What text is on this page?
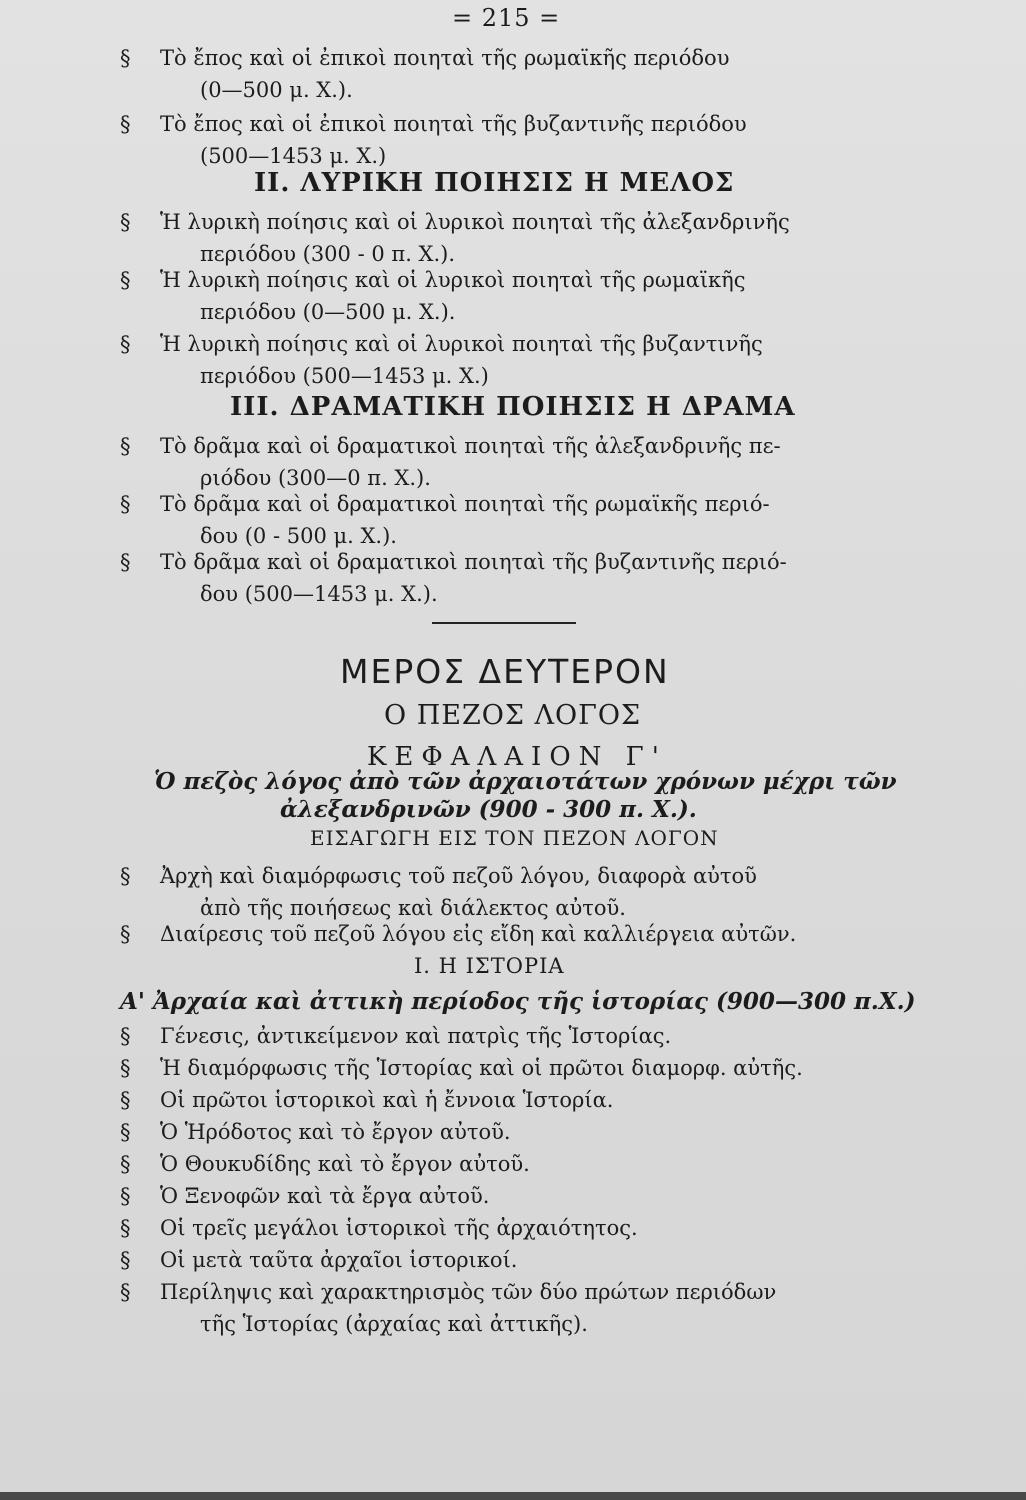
= 215 =
§ Τὸ ἔπος καὶ οἱ ἐπικοὶ ποιηταὶ τῆς ρωμαϊκῆς περιόδου
(0—500 μ. Χ.).
§ Τὸ ἔπος καὶ οἱ ἐπικοὶ ποιηταὶ τῆς βυζαντινῆς περιόδου
(500—1453 μ. Χ.)
ΙΙ. ΛΥΡΙΚΗ ΠΟΙΗΣΙΣ Η ΜΕΛΟΣ
§ Ἡ λυρικὴ ποίησις καὶ οἱ λυρικοὶ ποιηταὶ τῆς ἀλεξανδρινῆς
περιόδου (300 - 0 π. Χ.).
§ Ἡ λυρικὴ ποίησις καὶ οἱ λυρικοὶ ποιηταὶ τῆς ρωμαϊκῆς
περιόδου (0—500 μ. Χ.).
§ Ἡ λυρικὴ ποίησις καὶ οἱ λυρικοὶ ποιηταὶ τῆς βυζαντινῆς
περιόδου (500—1453 μ. Χ.)
ΙΙΙ. ΔΡΑΜΑΤΙΚΗ ΠΟΙΗΣΙΣ Η ΔΡΑΜΑ
§ Τὸ δρᾶμα καὶ οἱ δραματικοὶ ποιηταὶ τῆς ἀλεξανδρινῆς πε-
ριόδου (300—0 π. Χ.).
§ Τὸ δρᾶμα καὶ οἱ δραματικοὶ ποιηταὶ τῆς ρωμαϊκῆς περιό-
δου (0 - 500 μ. Χ.).
§ Τὸ δρᾶμα καὶ οἱ δραματικοὶ ποιηταὶ τῆς βυζαντινῆς περιό-
δου (500—1453 μ. Χ.).
ΜΕΡΟΣ ΔΕΥΤΕΡΟΝ
Ο ΠΕΖΟΣ ΛΟΓΟΣ
ΚΕΦΑΛΑΙΟΝ Γ'
Ὁ πεζὸς λόγος ἀπὸ τῶν ἀρχαιοτάτων χρόνων μέχρι τῶν
ἀλεξανδρινῶν (900 - 300 π. Χ.).
ΕΙΣΑΓΩΓΗ ΕΙΣ ΤΟΝ ΠΕΖΟΝ ΛΟΓΟΝ
§ Ἀρχὴ καὶ διαμόρφωσις τοῦ πεζοῦ λόγου, διαφορὰ αὐτοῦ
ἀπὸ τῆς ποιήσεως καὶ διάλεκτος αὐτοῦ.
§ Διαίρεσις τοῦ πεζοῦ λόγου εἰς εἴδη καὶ καλλιέργεια αὐτῶν.
Ι. Η ΙΣΤΟΡΙΑ
Α' Ἀρχαία καὶ ἀττικὴ περίοδος τῆς ἱστορίας (900—300 π.Χ.)
§ Γένεσις, ἀντικείμενον καὶ πατρὶς τῆς Ἱστορίας.
§ Ἡ διαμόρφωσις τῆς Ἱστορίας καὶ οἱ πρῶτοι διαμορφ. αὐτῆς.
§ Οἱ πρῶτοι ἱστορικοὶ καὶ ἡ ἔννοια Ἱστορία.
§ Ὁ Ἡρόδοτος καὶ τὸ ἔργον αὐτοῦ.
§ Ὁ Θουκυδίδης καὶ τὸ ἔργον αὐτοῦ.
§ Ὁ Ξενοφῶν καὶ τὰ ἔργα αὐτοῦ.
§ Οἱ τρεῖς μεγάλοι ἱστορικοὶ τῆς ἀρχαιότητος.
§ Οἱ μετὰ ταῦτα ἀρχαῖοι ἱστορικοί.
§ Περίληψις καὶ χαρακτηρισμὸς τῶν δύο πρώτων περιόδων
τῆς Ἱστορίας (ἀρχαίας καὶ ἀττικῆς).
